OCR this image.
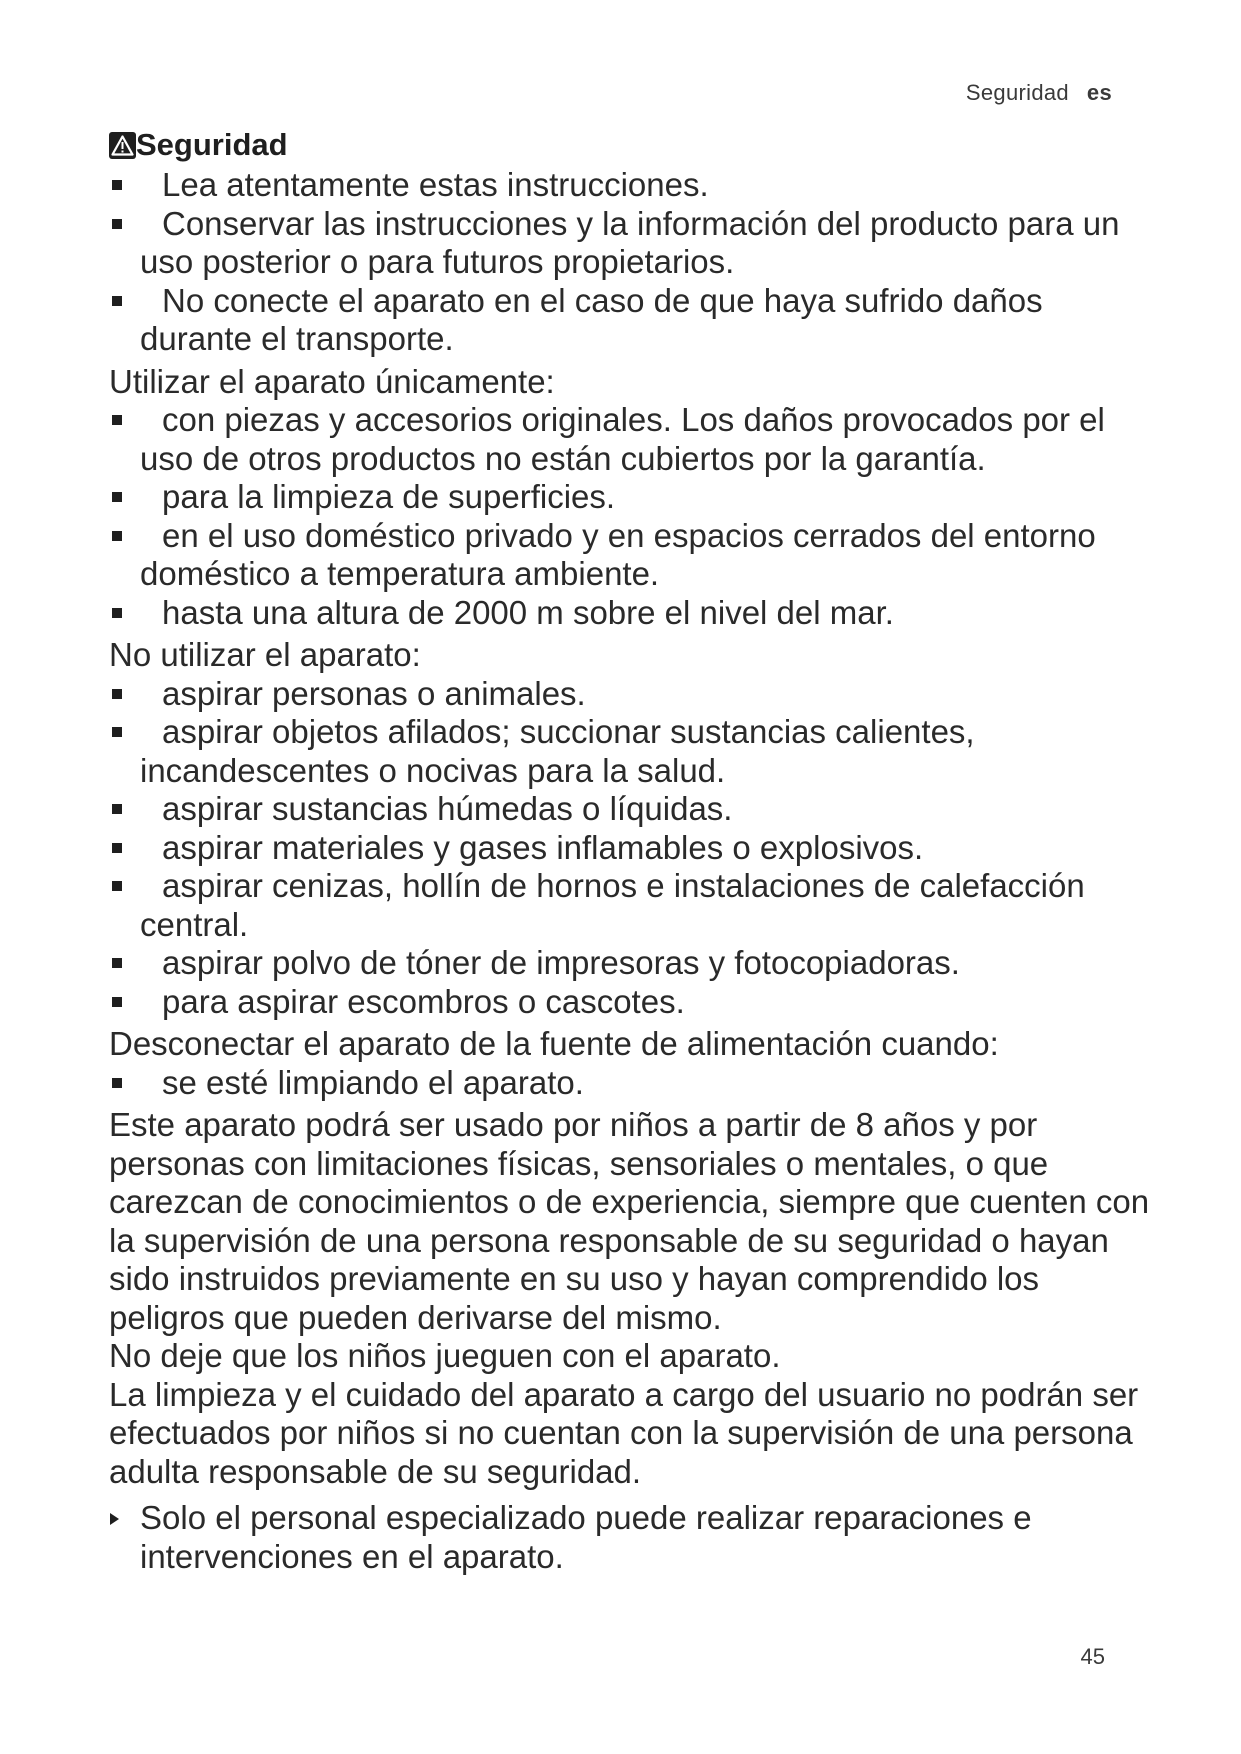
Seguridad es
Seguridad
Lea atentamente estas instrucciones.
Conservar las instrucciones y la información del producto para un uso posterior o para futuros propietarios.
No conecte el aparato en el caso de que haya sufrido daños durante el transporte.

Utilizar el aparato únicamente:

con piezas y accesorios originales. Los daños provocados por el uso de otros productos no están cubiertos por la garantía.
para la limpieza de superficies.
en el uso doméstico privado y en espacios cerrados del entorno doméstico a temperatura ambiente.
hasta una altura de 2000 m sobre el nivel del mar.

No utilizar el aparato:

aspirar personas o animales.
aspirar objetos afilados; succionar sustancias calientes, incandescentes o nocivas para la salud.
aspirar sustancias húmedas o líquidas.
aspirar materiales y gases inflamables o explosivos.
aspirar cenizas, hollín de hornos e instalaciones de calefacción central.
aspirar polvo de tóner de impresoras y fotocopiadoras.
para aspirar escombros o cascotes.

Desconectar el aparato de la fuente de alimentación cuando:

se esté limpiando el aparato.

Este aparato podrá ser usado por niños a partir de 8 años y por personas con limitaciones físicas, sensoriales o mentales, o que carezcan de conocimientos o de experiencia, siempre que cuenten con la supervisión de una persona responsable de su seguridad o hayan sido instruidos previamente en su uso y hayan comprendido los peligros que pueden derivarse del mismo.

No deje que los niños jueguen con el aparato.

La limpieza y el cuidado del aparato a cargo del usuario no podrán ser efectuados por niños si no cuentan con la supervisión de una persona adulta responsable de su seguridad.

Solo el personal especializado puede realizar reparaciones e intervenciones en el aparato.
45
